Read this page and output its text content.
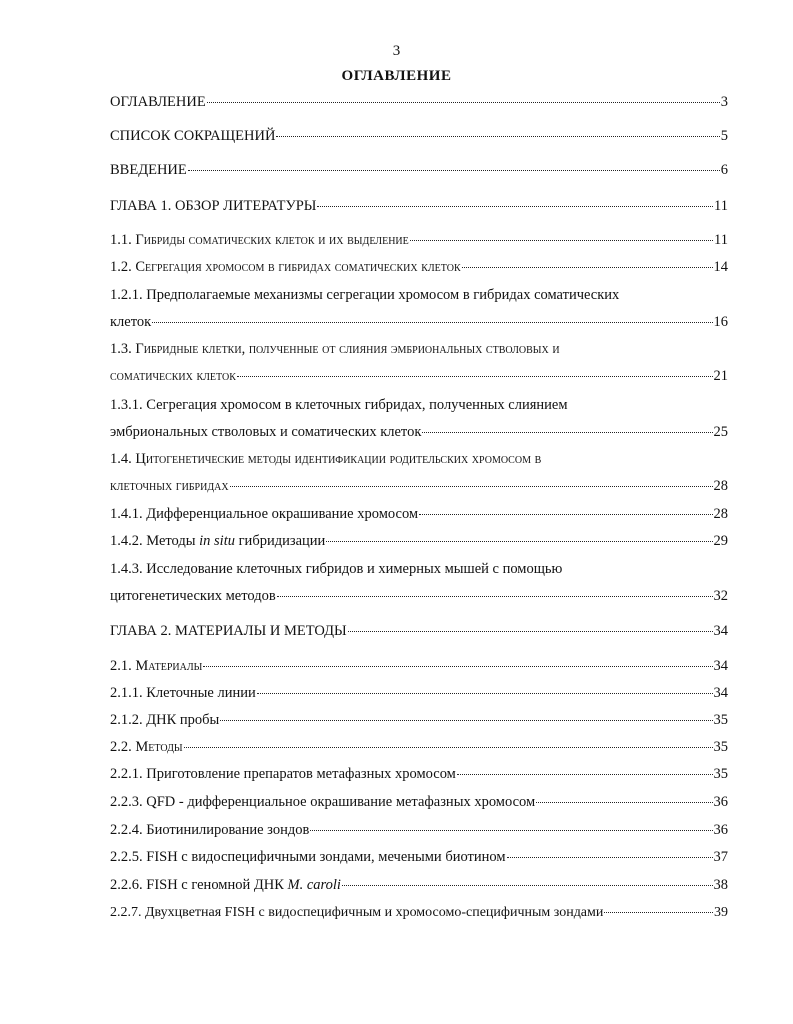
3
ОГЛАВЛЕНИЕ
ОГЛАВЛЕНИЕ	3
СПИСОК СОКРАЩЕНИЙ	5
ВВЕДЕНИЕ	6
ГЛАВА 1. ОБЗОР ЛИТЕРАТУРЫ	11
1.1. Гибриды соматических клеток и их выделение	11
1.2. Сегрегация хромосом в гибридах соматических клеток	14
1.2.1. Предполагаемые механизмы сегрегации хромосом в гибридах соматических
клеток	16
1.3. Гибридные клетки, полученные от слияния эмбриональных стволовых и
соматических клеток	21
1.3.1. Сегрегация хромосом в клеточных гибридах, полученных слиянием
эмбриональных стволовых и соматических клеток	25
1.4. Цитогенетические методы идентификации родительских хромосом в
клеточных гибридах	28
1.4.1. Дифференциальное окрашивание хромосом	28
1.4.2. Методы in situ гибридизации	29
1.4.3. Исследование клеточных гибридов и химерных мышей с помощью
цитогенетических методов	32
ГЛАВА 2. МАТЕРИАЛЫ И МЕТОДЫ	34
2.1. Материалы	34
2.1.1. Клеточные линии	34
2.1.2. ДНК пробы	35
2.2. Методы	35
2.2.1. Приготовление препаратов метафазных хромосом	35
2.2.3. QFD - дифференциальное окрашивание метафазных хромосом	36
2.2.4. Биотинилирование зондов	36
2.2.5. FISH с видоспецифичными зондами, мечеными биотином	37
2.2.6. FISH с геномной ДНК M. caroli	38
2.2.7. Двухцветная FISH с видоспецифичным и хромосомо-специфичным зондами	39
